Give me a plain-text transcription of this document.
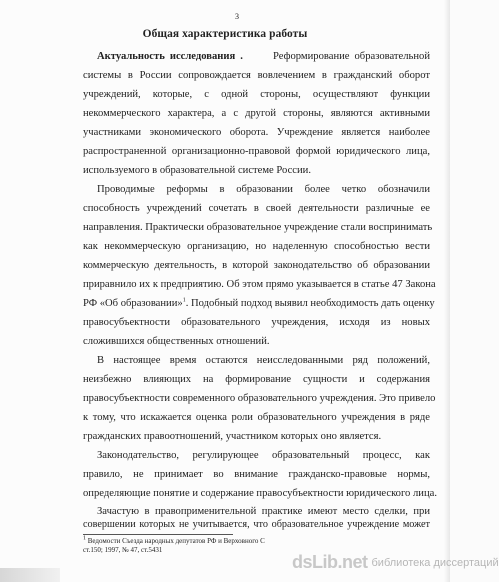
3
Общая характеристика работы
Актуальность исследования .	Реформирование образовательной
системы в России сопровождается вовлечением в гражданский оборот
учреждений, которые, с одной стороны, осуществляют функции
некоммерческого характера, а с другой стороны, являются активными
участниками экономического оборота. Учреждение является наиболее
распространенной организационно-правовой формой юридического лица,
используемого в образовательной системе России.
Проводимые реформы в образовании более четко обозначили
способность учреждений сочетать в своей деятельности различные ее
направления. Практически образовательное учреждение стали воспринимать
как некоммерческую организацию, но наделенную способностью вести
коммерческую деятельность, в которой законодательство об образовании
приравнило их к предприятию. Об этом прямо указывается в статье 47 Закона
РФ «Об образовании»$^1$. Подобный подход выявил необходимость дать оценку
правосубъектности образовательного учреждения, исходя из новых
сложившихся общественных отношений.
В настоящее время остаются неисследованными ряд положений,
неизбежно влияющих на формирование сущности и содержания
правосубъектности современного образовательного учреждения. Это привело
к тому, что искажается оценка роли образовательного учреждения в ряде
гражданских правоотношений, участником которых оно является.
Законодательство, регулирующее образовательный процесс, как
правило, не принимает во внимание гражданско-правовые нормы,
определяющие понятие и содержание правосубъектности юридического лица.
Зачастую в правоприменительной практике имеют место сделки, при
совершении которых не учитывается, что образовательное учреждение может
1 Ведомости Съезда народных депутатов РФ и Верховного С
ст.150; 1997, № 47, ст.5431
dsLib.net библиотека диссертаций
